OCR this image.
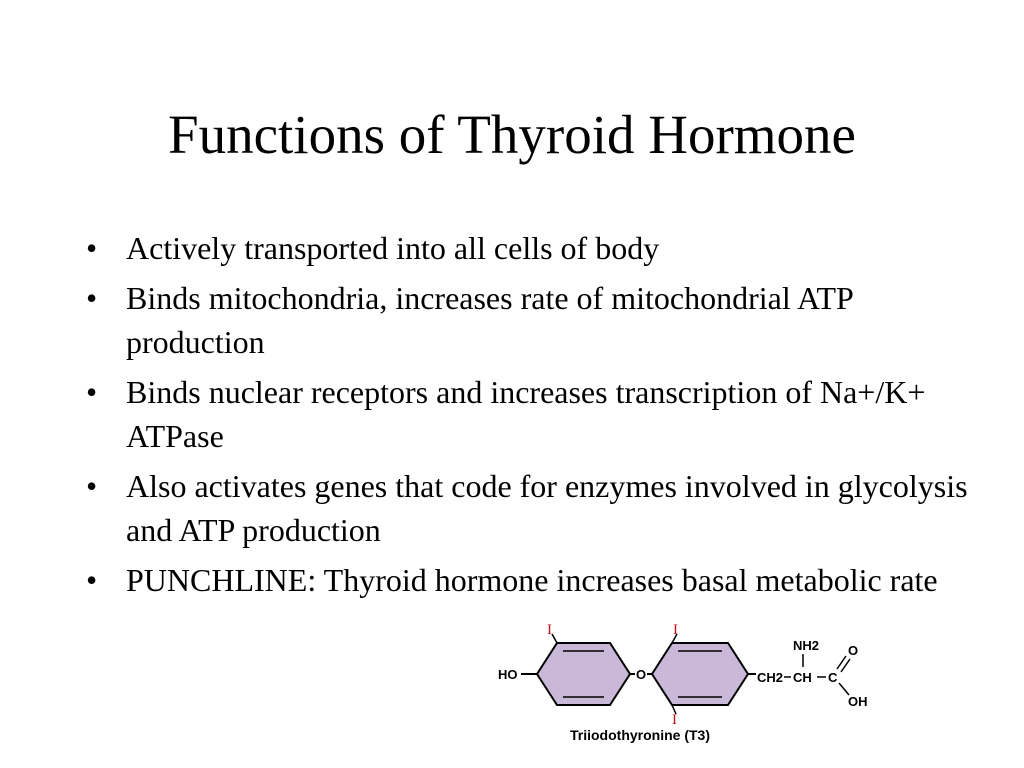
Functions of Thyroid Hormone
• Actively transported into all cells of body
• Binds mitochondria, increases rate of mitochondrial ATP production
• Binds nuclear receptors and increases transcription of Na+/K+ ATPase
• Also activates genes that code for enzymes involved in glycolysis and ATP production
• PUNCHLINE: Thyroid hormone increases basal metabolic rate
HO	O
I	I
I
CH2 CH C
NH2 O
OH
Triiodothyronine (T3)
